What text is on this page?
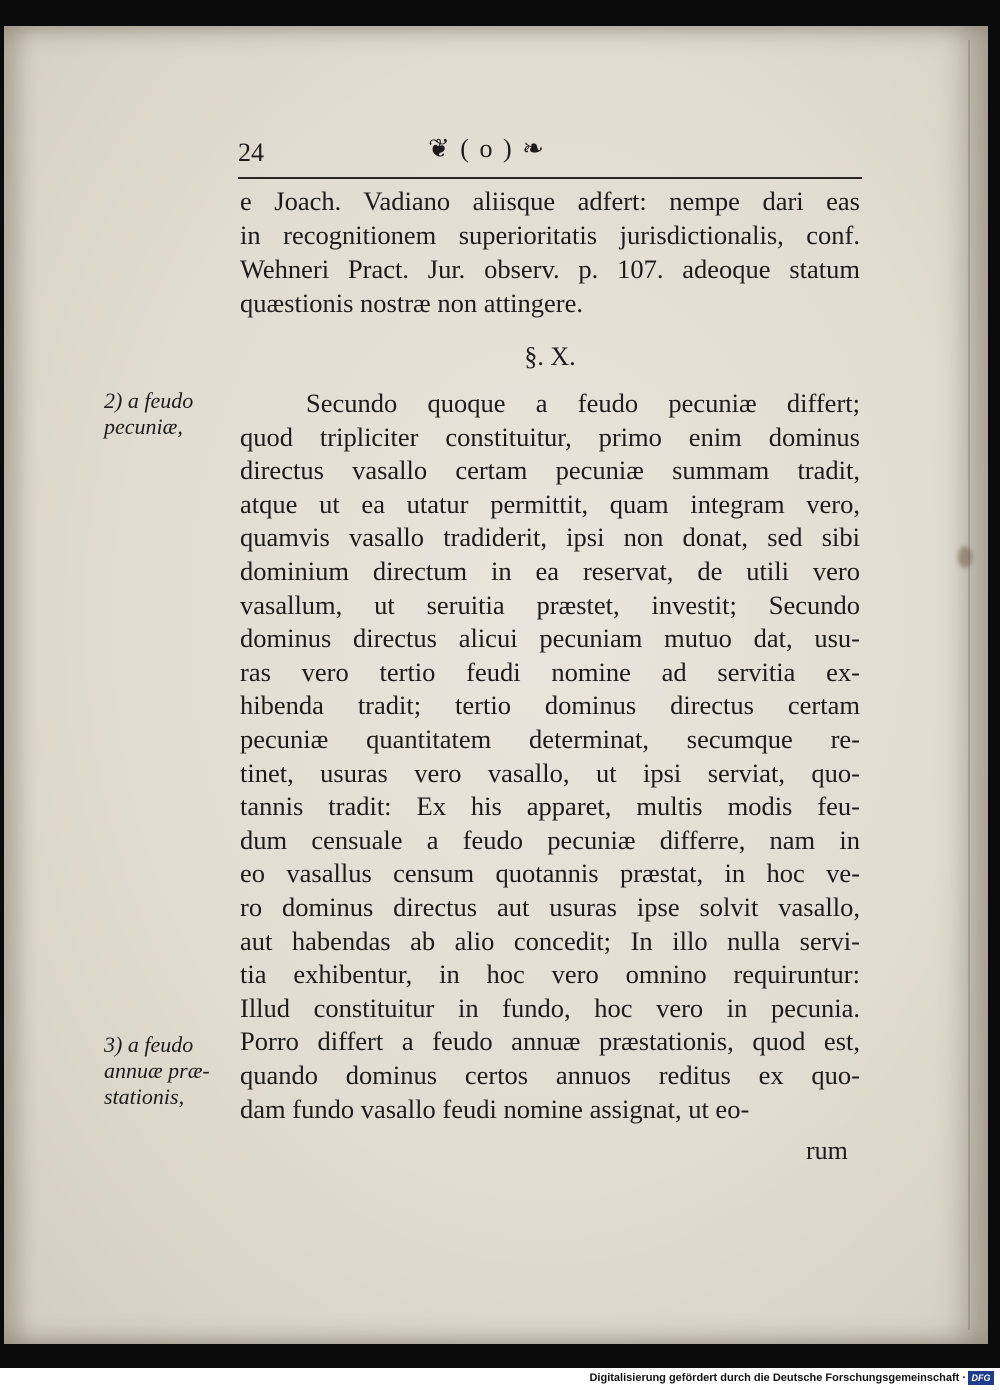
24	❦ ( o ) ❧
e Joach. Vadiano aliisque adfert: nempe dari eas
in recognitionem superioritatis jurisdictionalis, conf.
Wehneri Pract. Jur. observ. p. 107. adeoque statum
quæstionis nostræ non attingere.
Secundo quoque a feudo pecuniæ differt;
quod tripliciter constituitur, primo enim dominus
directus vasallo certam pecuniæ summam tradit,
atque ut ea utatur permittit, quam integram vero,
quamvis vasallo tradiderit, ipsi non donat, sed sibi
dominium directum in ea reservat, de utili vero
vasallum, ut seruitia præstet, investit; Secundo
dominus directus alicui pecuniam mutuo dat, usu-
ras vero tertio feudi nomine ad servitia ex-
hibenda tradit; tertio dominus directus certam
pecuniæ quantitatem determinat, secumque re-
tinet, usuras vero vasallo, ut ipsi serviat, quo-
tannis tradit: Ex his apparet, multis modis feu-
dum censuale a feudo pecuniæ differre, nam in
eo vasallus censum quotannis præstat, in hoc ve-
ro dominus directus aut usuras ipse solvit vasallo,
aut habendas ab alio concedit; In illo nulla servi-
tia exhibentur, in hoc vero omnino requiruntur:
Illud constituitur in fundo, hoc vero in pecunia.
Porro differt a feudo annuæ præstationis, quod est,
quando dominus certos annuos reditus ex quo-
dam fundo vasallo feudi nomine assignat, ut eo-
§. X.
2) a feudo
pecuniæ,
3) a feudo
annuæ præ-
stationis,
rum
Digitalisierung gefördert durch die Deutsche Forschungsgemeinschaft · DFG
